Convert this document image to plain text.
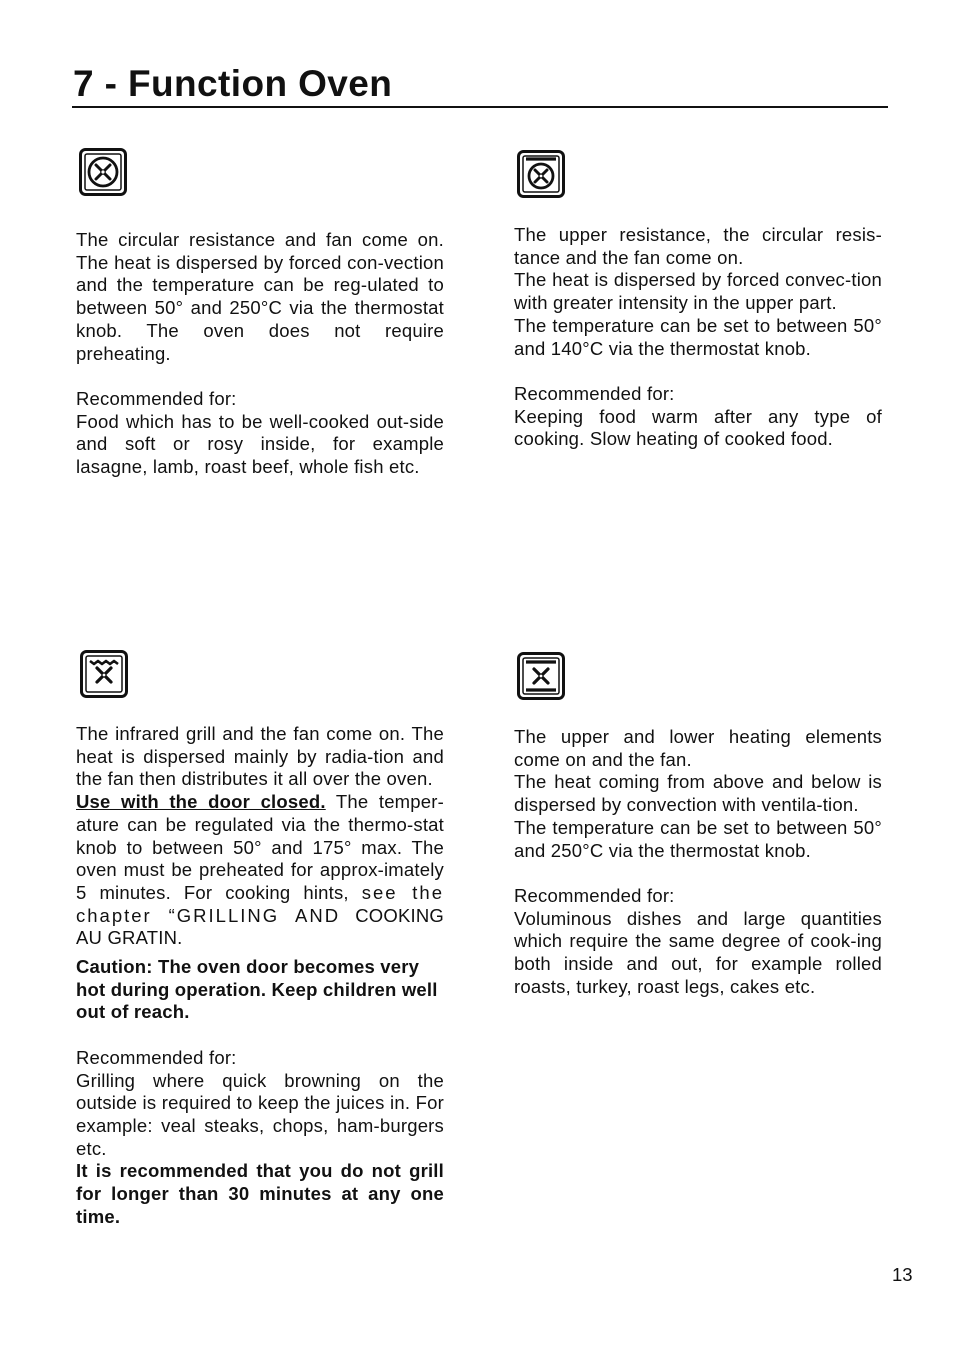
7 - Function Oven

The circular resistance and fan come on. The heat is dispersed by forced con-vection and the temperature can be reg-ulated to between 50° and 250°C via the thermostat knob. The oven does not require preheating.

Recommended for:

Food which has to be well-cooked out-side and soft or rosy inside, for example lasagne, lamb, roast beef, whole fish etc.

The upper resistance, the circular resis-tance and the fan come on.

The heat is dispersed by forced convec-tion with greater intensity in the upper part.

The temperature can be set to between 50° and 140°C via the thermostat knob.

Recommended for:

Keeping food warm after any type of cooking. Slow heating of cooked food.

The infrared grill and the fan come on. The heat is dispersed mainly by radia-tion and the fan then distributes it all over the oven.

Use with the door closed. The temper-ature can be regulated via the thermo-stat knob to between 50° and 175° max. The oven must be preheated for approx-imately 5 minutes. For cooking hints, see the chapter “GRILLING AND COOKING AU GRATIN.

Caution: The oven door becomes very hot during operation. Keep children well out of reach.

Recommended for:

Grilling where quick browning on the outside is required to keep the juices in. For example: veal steaks, chops, ham-burgers etc.

It is recommended that you do not grill for longer than 30 minutes at any one time.

The upper and lower heating elements come on and the fan.

The heat coming from above and below is dispersed by convection with ventila-tion.

The temperature can be set to between 50° and 250°C via the thermostat knob.

Recommended for:

Voluminous dishes and large quantities which require the same degree of cook-ing both inside and out, for example rolled roasts, turkey, roast legs, cakes etc.

13
